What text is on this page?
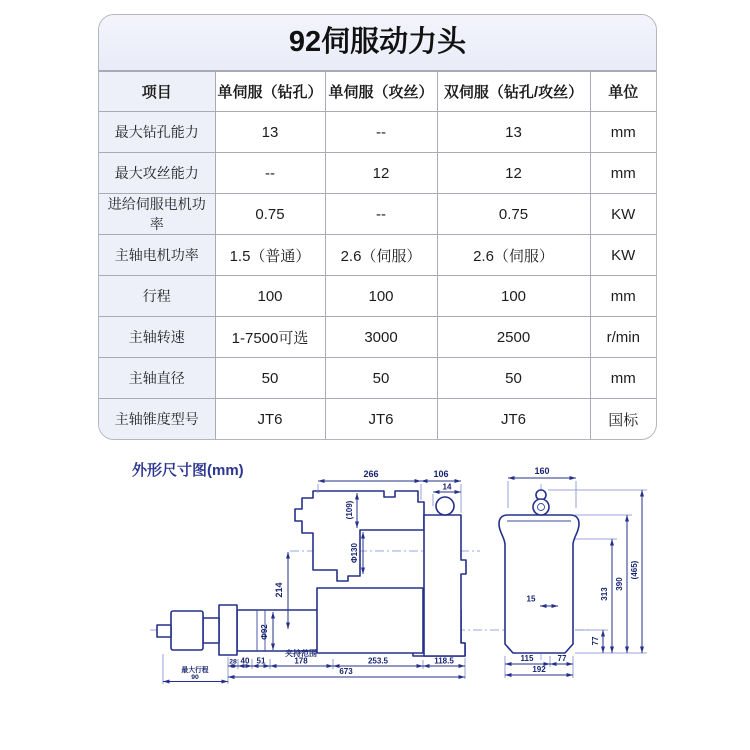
92伺服动力头
项目	单伺服（钻孔）	单伺服（攻丝）	双伺服（钻孔/攻丝）	单位
最大钻孔能力	13	--	13	mm
最大攻丝能力	--	12	12	mm
进给伺服电机功率	0.75	--	0.75	KW
主轴电机功率	1.5（普通）	2.6（伺服）	2.6（伺服）	KW
行程	100	100	100	mm
主轴转速	1-7500可选	3000	2500	r/min
主轴直径	50	50	50	mm
主轴锥度型号	JT6	JT6	JT6	国标
外形尺寸图(mm)	266	106
14
(109)
Φ130
214
Φ92
夹持范围
28 40 51	178	253.5	118.5
673
最大行程
90
15
160
77
313
390
(465)
115	77
192
